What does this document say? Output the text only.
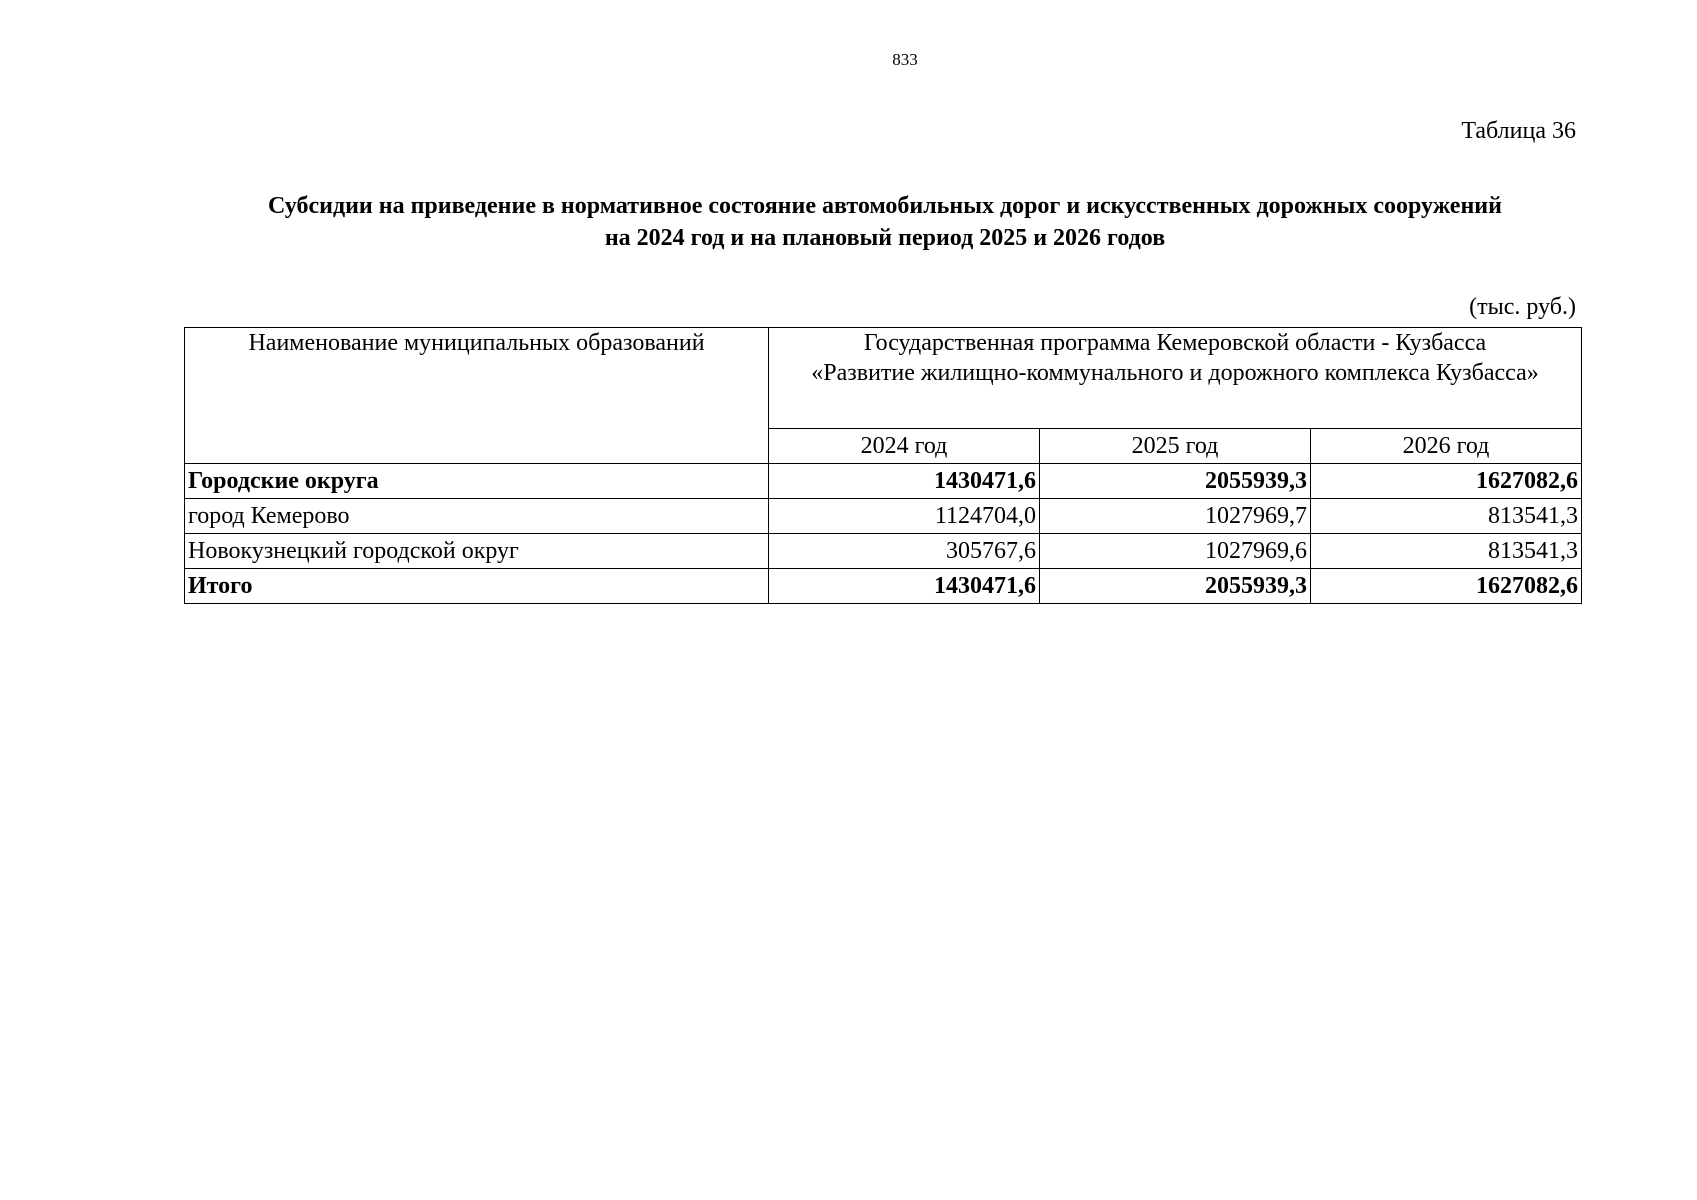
833
Таблица 36
Субсидии на приведение в нормативное состояние автомобильных дорог и искусственных дорожных сооружений
на 2024 год и на плановый период 2025 и 2026 годов
(тыс. руб.)
Наименование муниципальных образований	Государственная программа Кемеровской области - Кузбасса
«Развитие жилищно-коммунального и дорожного комплекса Кузбасса»		

	2024 год	2025 год	2026 год
Городские округа	1430471,6	2055939,3	1627082,6
город Кемерово	1124704,0	1027969,7	813541,3
Новокузнецкий городской округ	305767,6	1027969,6	813541,3
Итого	1430471,6	2055939,3	1627082,6
